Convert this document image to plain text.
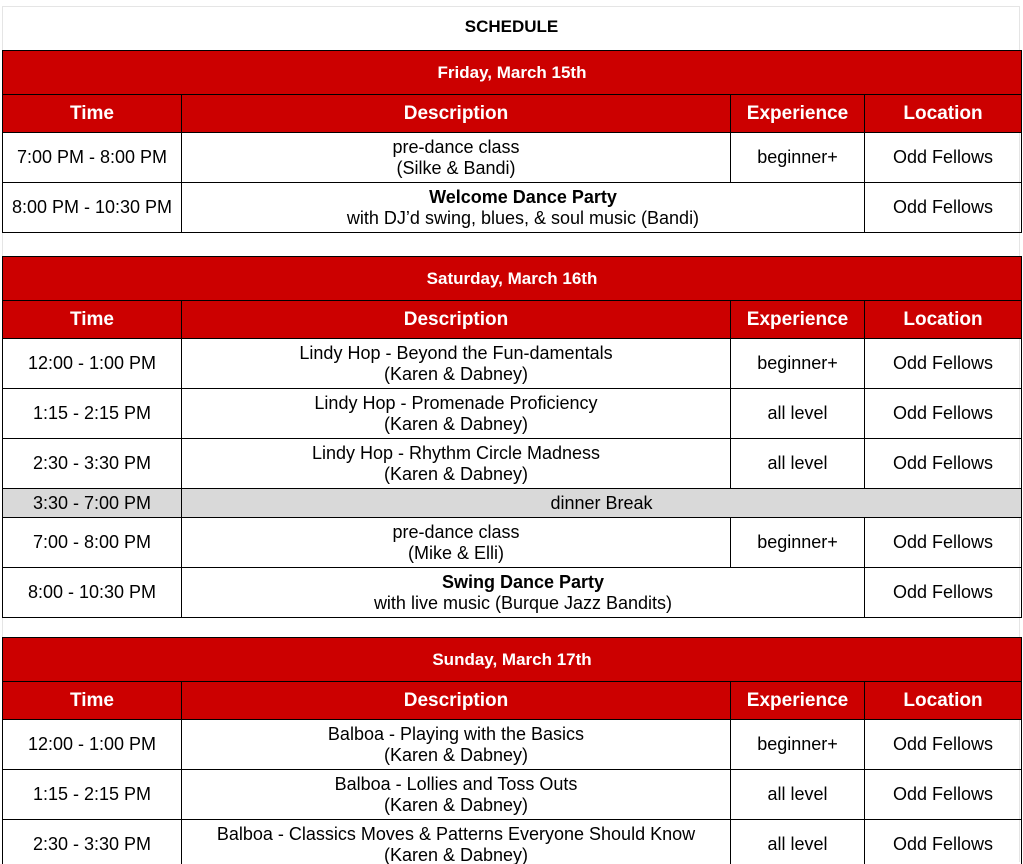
SCHEDULE
Friday, March 15th			
Time	Description	Experience	Location
7:00 PM - 8:00 PM	pre-dance class
(Silke & Bandi)	beginner+	Odd Fellows
8:00 PM - 10:30 PM	Welcome Dance Party
with DJ’d swing, blues, & soul music (Bandi)		Odd Fellows
Saturday, March 16th			
Time	Description	Experience	Location
12:00 - 1:00 PM	Lindy Hop - Beyond the Fun-damentals
(Karen & Dabney)	beginner+	Odd Fellows
1:15 - 2:15 PM	Lindy Hop - Promenade Proficiency
(Karen & Dabney)	all level	Odd Fellows
2:30 - 3:30 PM	Lindy Hop - Rhythm Circle Madness
(Karen & Dabney)	all level	Odd Fellows
3:30 - 7:00 PM	dinner Break		
7:00 - 8:00 PM	pre-dance class
(Mike & Elli)	beginner+	Odd Fellows
8:00 - 10:30 PM	Swing Dance Party
with live music (Burque Jazz Bandits)		Odd Fellows
Sunday, March 17th			
Time	Description	Experience	Location
12:00 - 1:00 PM	Balboa - Playing with the Basics
(Karen & Dabney)	beginner+	Odd Fellows
1:15 - 2:15 PM	Balboa - Lollies and Toss Outs
(Karen & Dabney)	all level	Odd Fellows
2:30 - 3:30 PM	Balboa - Classics Moves & Patterns Everyone Should Know
(Karen & Dabney)	all level	Odd Fellows
